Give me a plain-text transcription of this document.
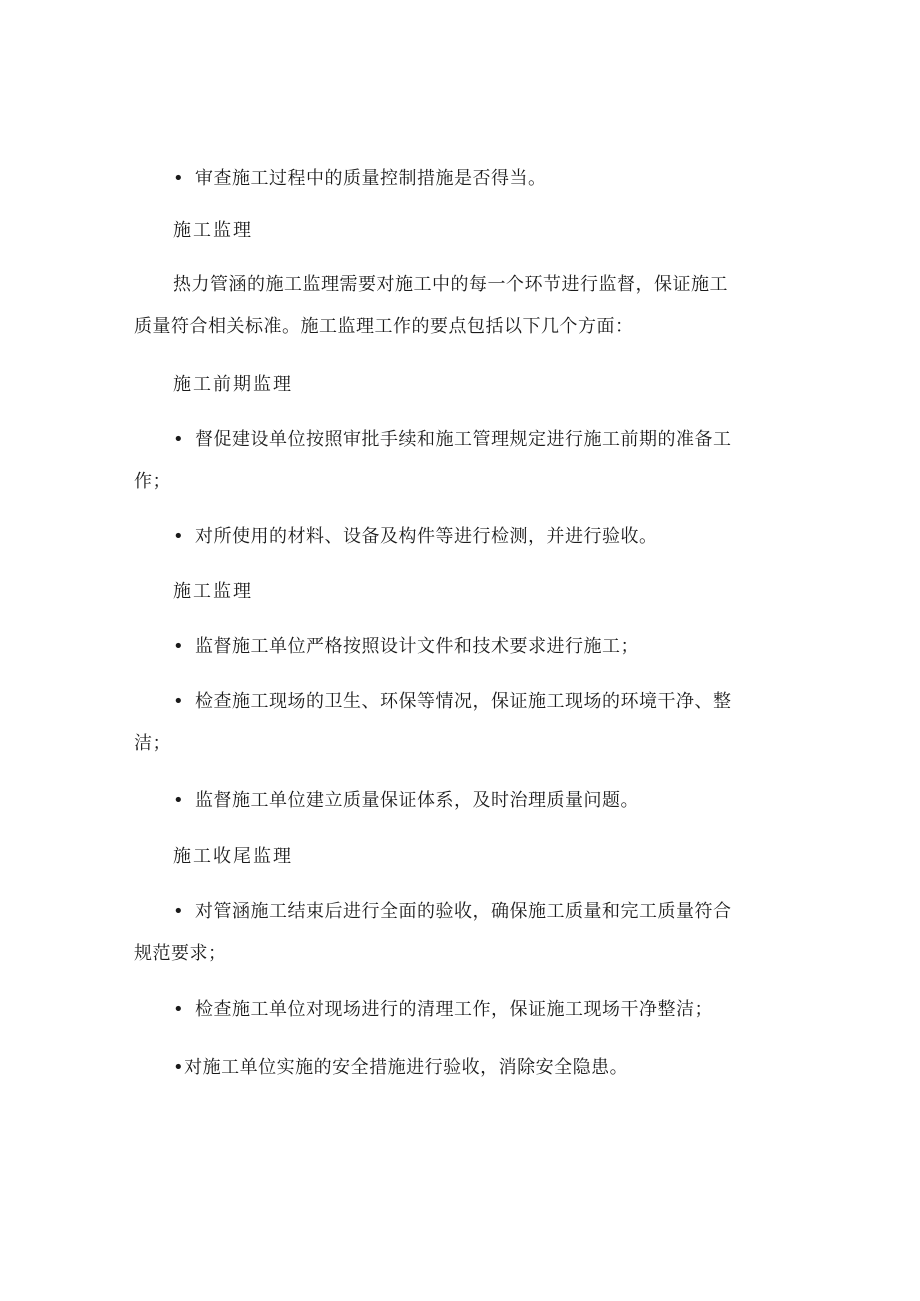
• 审查施工过程中的质量控制措施是否得当。
施工监理
热力管涵的施工监理需要对施工中的每一个环节进行监督，保证施工
质量符合相关标准。施工监理工作的要点包括以下几个方面：
施工前期监理
• 督促建设单位按照审批手续和施工管理规定进行施工前期的准备工
作；
• 对所使用的材料、设备及构件等进行检测，并进行验收。
施工监理
• 监督施工单位严格按照设计文件和技术要求进行施工；
• 检查施工现场的卫生、环保等情况，保证施工现场的环境干净、整
洁；
• 监督施工单位建立质量保证体系，及时治理质量问题。
施工收尾监理
• 对管涵施工结束后进行全面的验收，确保施工质量和完工质量符合
规范要求；
• 检查施工单位对现场进行的清理工作，保证施工现场干净整洁；
•对施工单位实施的安全措施进行验收，消除安全隐患。
